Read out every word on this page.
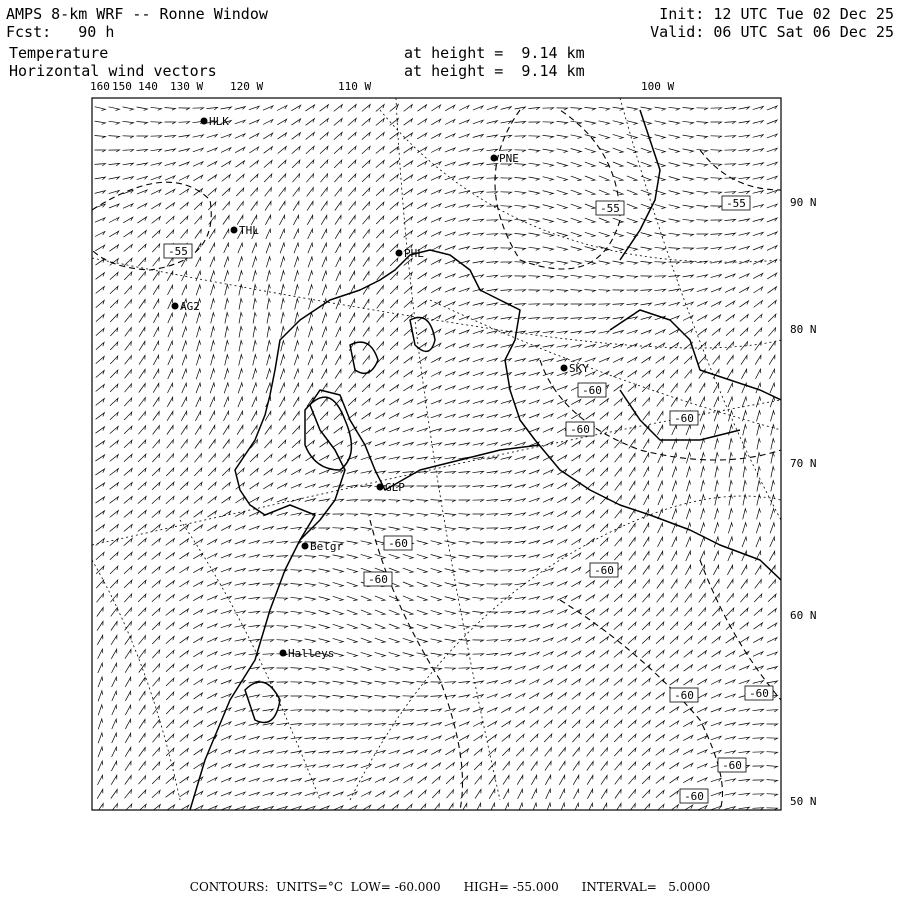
AMPS 8-km WRF -- Ronne Window
Fcst:   90 h
Temperature
Horizontal wind vectors
at height =  9.14 km
at height =  9.14 km
Init: 12 UTC Tue 02 Dec 25
Valid: 06 UTC Sat 06 Dec 25
HLK
PNE
THL
PHL
AG2
SKY
GLP
Belgr
Halleys
90 N
80 N
70 N
60 N
50 N
160 150 140 130 W 120 W	110 W	100 W
-55
-55	-55
-60
-60
-60
-60
-60
-60
-60	-60
-60
-60
CONTOURS:  UNITS=°C  LOW= -60.000      HIGH= -55.000      INTERVAL=   5.0000
